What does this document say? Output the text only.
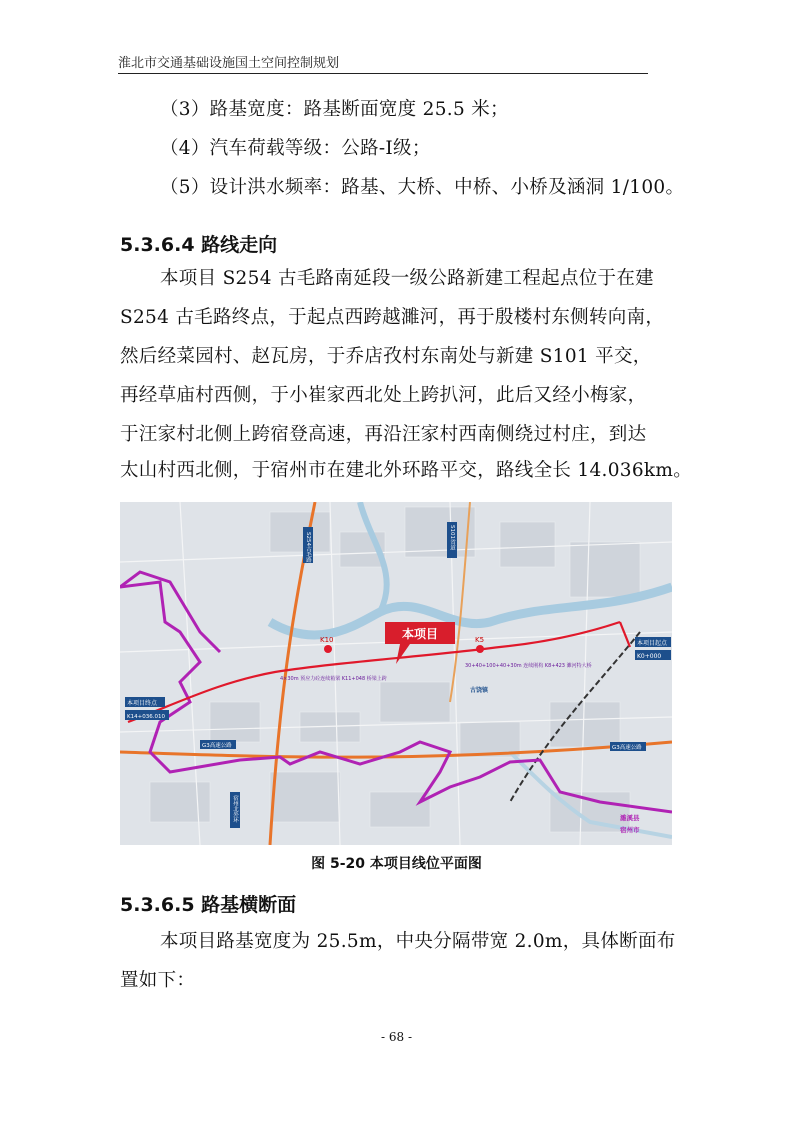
淮北市交通基础设施国土空间控制规划
（3）路基宽度：路基断面宽度 25.5 米；
（4）汽车荷载等级：公路-Ⅰ级；
（5）设计洪水频率：路基、大桥、中桥、小桥及涵洞 1/100。
5.3.6.4 路线走向
本项目 S254 古毛路南延段一级公路新建工程起点位于在建
S254 古毛路终点，于起点西跨越濉河，再于殷楼村东侧转向南，
然后经菜园村、赵瓦房，于乔店孜村东南处与新建 S101 平交，
再经草庙村西侧，于小崔家西北处上跨扒河，此后又经小梅家，
于汪家村北侧上跨宿登高速，再沿汪家村西南侧绕过村庄，到达
太山村西北侧，于宿州市在建北外环路平交，路线全长 14.036km。
K10	K5
本项目
本项目起点
K0+000
本项目终点
K14+036.010
4×30m 预应力砼连续箱梁 K11+048 桥梁上跨
30+40+100+40+30m 连续刚构 K8+423 濉河特大桥
古饶镇
G3高速公路	G3高速公路
S254古毛路
宿州北外环
S101省道
濉溪县
宿州市
图 5-20 本项目线位平面图
5.3.6.5 路基横断面
本项目路基宽度为 25.5m，中央分隔带宽 2.0m，具体断面布
置如下：
- 68 -
